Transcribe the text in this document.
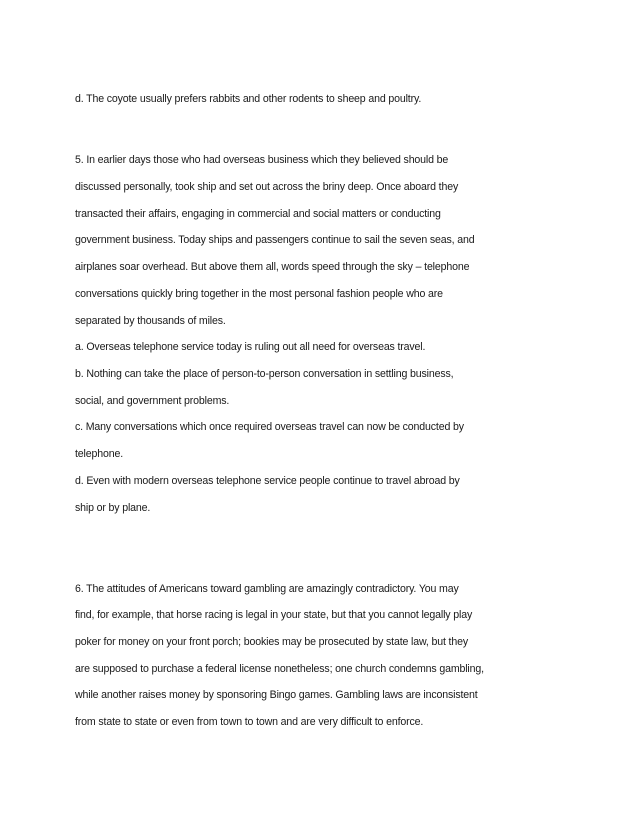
d. The coyote usually prefers rabbits and other rodents to sheep and poultry.
5. In earlier days those who had overseas business which they believed should be
discussed personally, took ship and set out across the briny deep. Once aboard they
transacted their affairs, engaging in commercial and social matters or conducting
government business. Today ships and passengers continue to sail the seven seas, and
airplanes soar overhead. But above them all, words speed through the sky – telephone
conversations quickly bring together in the most personal fashion people who are
separated by thousands of miles.
a. Overseas telephone service today is ruling out all need for overseas travel.
b. Nothing can take the place of person-to-person conversation in settling business,
social, and government problems.
c. Many conversations which once required overseas travel can now be conducted by
telephone.
d. Even with modern overseas telephone service people continue to travel abroad by
ship or by plane.
6. The attitudes of Americans toward gambling are amazingly contradictory. You may
find, for example, that horse racing is legal in your state, but that you cannot legally play
poker for money on your front porch; bookies may be prosecuted by state law, but they
are supposed to purchase a federal license nonetheless; one church condemns gambling,
while another raises money by sponsoring Bingo games. Gambling laws are inconsistent
from state to state or even from town to town and are very difficult to enforce.
